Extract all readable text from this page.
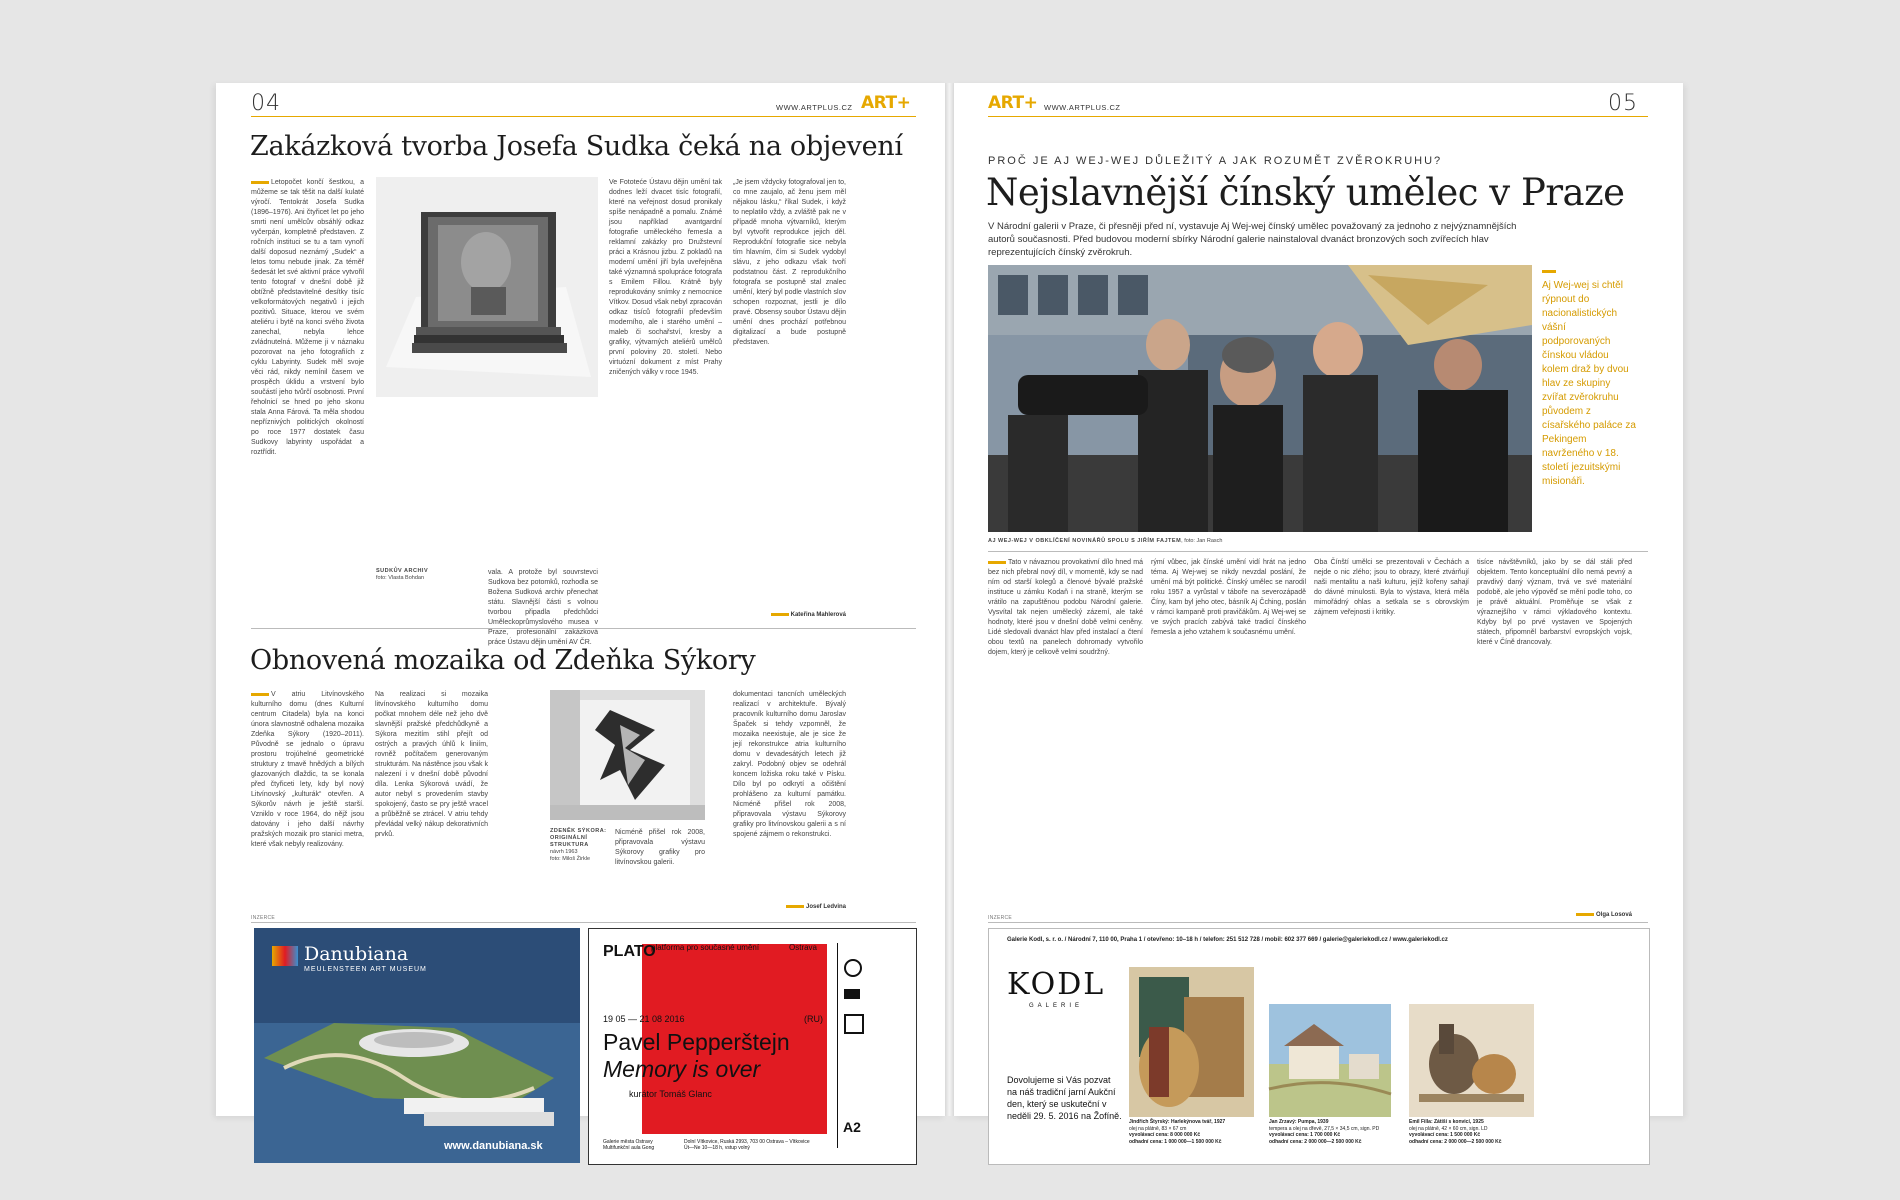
04	WWW.ARTPLUS.CZ ART+
Zakázková tvorba Josefa Sudka čeká na objevení

Letopočet končí šestkou, a můžeme se tak těšit na další kulaté výročí. Tentokrát Josefa Sudka (1896–1976). Ani čtyřicet let po jeho smrti není umělcův obsáhlý odkaz vyčerpán, kompletně představen. Z ročních instituci se tu a tam vynoří další doposud neznámý „Sudek“ a letos tomu nebude jinak. Za téměř šedesát let své aktivní práce vytvořil tento fotograf v dnešní době již obtížně představitelné desítky tisíc velkoformátových negativů i jejich pozitivů. Situace, kterou ve svém ateliéru i bytě na konci svého života zanechal, nebyla lehce zvládnutelná. Můžeme ji v náznaku pozorovat na jeho fotografiích z cyklu Labyrinty. Sudek měl svoje věci rád, nikdy nemínil časem ve prospěch úklidu a vrstvení bylo součástí jeho tvůrčí osobnosti. První řeholnicí se hned po jeho skonu stala Anna Fárová. Ta měla shodou nepříznivých politických okolností po roce 1977 dostatek času Sudkovy labyrinty uspořádat a roztřídit.

SUDKŮV ARCHIV
foto: Vlasta Bohdan

vala. A protože byl souvrstevci Sudkova bez potomků, rozhodla se Božena Sudková archiv přenechat státu. Slavnější části s volnou tvorbou připadla předchůdci Uměleckoprůmyslového musea v Praze, profesionální zakázková práce Ústavu dějin umění AV ČR.

Ve Fototeće Ústavu dějin umění tak dodnes leží dvacet tisíc fotografií, které na veřejnost dosud pronikaly spíše nenápadně a pomalu. Známé jsou například avantgardní fotografie uměleckého řemesla a reklamní zakázky pro Družstevní práci a Krásnou jizbu. Z pokladů na moderní umění jiří byla uveřejněna také významná spolupráce fotografa s Emilem Fillou. Krátně byly reprodukovány snímky z nemocnice Vítkov. Dosud však nebyl zpracován odkaz tisíců fotografií především moderního, ale i starého umění – maleb či sochařství, kresby a grafiky, výtvarných ateliérů umělců první poloviny 20. století. Nebo virtuózní dokument z míst Prahy zničených války v roce 1945.

„Je jsem vždycky fotografoval jen to, co mne zaujalo, ač ženu jsem měl nějakou lásku,“ říkal Sudek, i když to neplatilo vždy, a zvláště pak ne v případě mnoha výtvarníků, kterým byl vytvořit reprodukce jejich děl. Reprodukční fotografie sice nebyla tím hlavním, čím si Sudek vydobyl slávu, z jeho odkazu však tvoří podstatnou část. Z reprodukčního fotografa se postupně stal znalec umění, který byl podle vlastních slov schopen rozpoznat, jestli je dílo pravé. Obsensy soubor Ústavu dějin umění dnes prochází potřebnou digitalizací a bude postupně představen.

Kateřina Mahlerová
Obnovená mozaika od Zdeňka Sýkory

V atriu Litvínovského kulturního domu (dnes Kulturní centrum Citadela) byla na konci února slavnostně odhalena mozaika Zdeňka Sýkory (1920–2011). Původně se jednalo o úpravu prostoru trojúhelné geometrické struktury z tmavě hnědých a bílých glazovaných dlaždic, ta se konala před čtyřiceti lety, kdy byl nový Litvínovský „kulturák“ otevřen. A Sýkorův návrh je ještě starší. Vzniklo v roce 1964, do nějž jsou datovány i jeho další návrhy pražských mozaik pro stanici metra, které však nebyly realizovány.

Na realizaci si mozaika litvínovského kulturního domu počkat mnohem déle než jeho dvě slavnější pražské předchůdkyně a Sýkora mezitím stihl přejít od ostrých a pravých úhlů k liniím, rovněž počítačem generovaným strukturám. Na nástěnce jsou však k nalezení i v dnešní době původní díla. Lenka Sýkorová uvádí, že autor nebyl s provedením stavby spokojený, často se pry ještě vracel a průběžně se ztrácel. V atriu tehdy převládal velký nákup dekorativních prvků.	ZDENĚK SÝKORA: ORIGINÁLNÍ STRUKTURA
návrh 1963
foto: Miloš Žirkle

Nicméně přišel rok 2008, připravovala výstavu Sýkorovy grafiky pro litvínovskou galerii.

dokumentaci tancních uměleckých realizací v architektuře. Bývalý pracovník kulturního domu Jaroslav Špaček si tehdy vzpomněl, že mozaika neexistuje, ale je sice že její rekonstrukce atria kulturního domu v devadesátých letech již zakryl. Podobný objev se odehrál koncem ložiska roku také v Písku. Dílo byl po odkrytí a očištění prohlášeno za kulturní památku. Nicméně přišel rok 2008, připravovala výstavu Sýkorovy grafiky pro litvínovskou galerii a s ní spojené zájmem o rekonstrukci.

Josef Ledvina
INZERCE
Danubiana
MEULENSTEEN ART MUSEUM
www.danubiana.sk
PLATO
platforma pro současné umění	Ostrava
19 05 — 21 08 2016	(RU)
Pavel Pepperštejn
Memory is over
kurátor Tomáš Glanc
Galerie města Ostravy
Multifunkční aula Gong
Dolní Vítkovice, Ruská 2993, 703 00 Ostrava – Vítkovice
Út—Ne 10—18 h, vstup volný
A2
ART+ WWW.ARTPLUS.CZ	05
PROČ JE AJ WEJ-WEJ DŮLEŽITÝ A JAK ROZUMĚT ZVĚROKRUHU?
Nejslavnější čínský umělec v Praze

V Národní galerii v Praze, či přesněji před ní, vystavuje Aj Wej-wej čínský umělec považovaný za jednoho z nejvýznamnějších autorů současnosti. Před budovou moderní sbírky Národní galerie nainstaloval dvanáct bronzových soch zvířecích hlav reprezentujících čínský zvěrokruh.

AJ WEJ-WEJ V OBKLÍČENÍ NOVINÁŘŮ SPOLU S JIŘÍM FAJTEM, foto: Jan Rasch

Aj Wej-wej si chtěl rýpnout do nacionalistických vášní podporovaných čínskou vládou kolem draž by dvou hlav ze skupiny zvířat zvěrokruhu původem z císařského paláce za Pekingem navrženého v 18. století jezuitskými misionáři.

Tato v návaznou provokativní dílo hned má bez nich přebral nový díl, v momentě, kdy se nad ním od starší kolegů a členové bývalé pražské instituce u zámku Kodaň i na straně, kterým se vrátilo na zapuštěnou podobu Národní galerie. Vysvítal tak nejen umělecký zázemí, ale také hodnoty, které jsou v dnešní době velmi ceněny. Lidé sledovali dvanáct hlav před instalací a čtení obou textů na panelech dohromady vytvořilo dojem, který je celkově velmi soudržný.

rýmí vůbec, jak čínské umění vidí hrát na jedno téma. Aj Wej-wej se nikdy nevzdal poslání, že umění má být politické. Čínský umělec se narodil roku 1957 a vyrůstal v táboře na severozápadě Číny, kam byl jeho otec, básník Aj Čching, poslán v rámci kampaně proti pravičákům. Aj Wej-wej se ve svých pracích zabývá také tradicí čínského řemesla a jeho vztahem k současnému umění.

Oba Čínští umělci se prezentovali v Čechách a nejde o nic zlého; jsou to obrazy, které ztvárňují naši mentalitu a naši kulturu, jejíž kořeny sahají do dávné minulosti. Byla to výstava, která měla mimořádný ohlas a setkala se s obrovským zájmem veřejnosti i kritiky.

tisíce návštěvníků, jako by se dál stáli před objektem. Tento konceptuální dílo nemá pevný a pravdivý daný význam, trvá ve své materiální podobě, ale jeho výpověď se mění podle toho, co je právě aktuální. Proměňuje se však z výraznejšího v rámci výkladového kontextu. Kdyby byl po prvé vystaven ve Spojených státech, připomněl barbarství evropských vojsk, které v Číně drancovaly.

Olga Losová
INZERCE
Galerie Kodl, s. r. o. / Národní 7, 110 00, Praha 1 / otevřeno: 10–18 h / telefon: 251 512 728 / mobil: 602 377 669 / galerie@galeriekodl.cz / www.galeriekodl.cz
KODL
GALERIE
Dovolujeme si Vás pozvat na náš tradiční jarní Aukční den, který se uskuteční v neděli 29. 5. 2016 na Žofíně.
Jindřich Štyrský: Harlekýnova tvář, 1927
olej na plátně, 83 × 67 cm
vyvolávací cena: 8 000 000 Kč
odhadní cena: 1 000 000—1 500 000 Kč
Jan Zrzavý: Pumpa, 1939
tempera a olej na dřevě, 27,5 × 34,5 cm, sign. PD
vyvolávací cena: 1 700 000 Kč
odhadní cena: 2 000 000—2 500 000 Kč
Emil Filla: Zátiší s konvicí, 1925
olej na plátně, 42 × 60 cm, sign. LD
vyvolávací cena: 1 500 000 Kč
odhadní cena: 2 000 000—2 500 000 Kč
